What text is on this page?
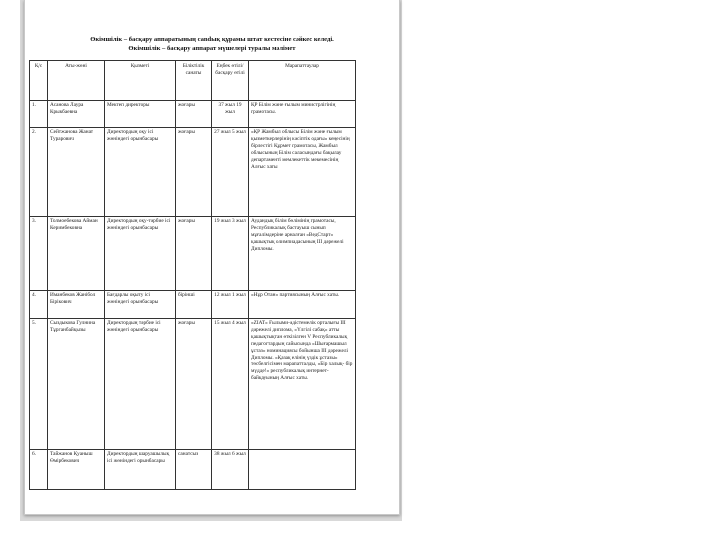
Өкімшілік – басқару аппаратының саndық құрамы штат кестесіне сәйкес келеді.
Өкімшілік – басқару аппарат мүшелері туралы мәлімет
Қ/с	Аты-жөні	Қызметі	Біліктілік санаты	Еңбек өтілі/ басқару өтілі	Марапаттаулар
1.	Асанова Лаура Крыкбаевна	Мектеп директоры	жоғары	37 жыл 19 жыл	ҚР Білім және ғылым министрлігінің грамотасы.
2.	Сейтжанова Жанат Турарович	Директордың оқу ісі жөніндегі орынбасары	жоғары	27 жыл 5 жыл	«ҚР Жамбыл облысы Білім және ғылым қызметкерлерінің кәсіптік одағы» кеңесінің бірлестігі Құрмет грамотасы, Жамбыл облысының Білім саласындағы бақылау департаменті мемлекеттік мекемесінің Алғыс хаты
3.	Толмоебекова Айман Керимбековна	Директордың оқу-тәрбие ісі жөніндегі орынбасары	жоғары	19 жыл 3 жыл	Аудандық білім бөлімінің грамотасы, Республикалық бастауыш сынып мұғалімдеріне арналған «ВедСтарт» қашықтық олимпиадасының III дәрежелі Дипломы.
4.	Иманбеков Жанібол Бірікович	Бағдарлы оқыту ісі жөніндегі орынбасары	бірінші	12 жыл 1 жыл	«Нұр Отан» партиясының Алғыс хаты.
5.	Сыздыкова Гулнина Тұрганбайқызы	Директордың тәрбие ісі жөніндегі орынбасары	жоғары	15 жыл 4 жыл	«ZIAT» Ғылыми-әдістемелік орталығы III дәрежелі диплома, «Үлгілі сабақ» атты қашықтықтан өткізілген V Республикалық педагогтардың сайысында «Шығармашыл ұстаз» номинациясы бойынша III дәрежелі Дипломы. «Қазақ елінің үздік ұстазы» төсбелгісімен марапатталды, «Бір халық- бір мүдде!» республикалық интернет-байқауының Алғыс хаты.
6.	Тайжанов Қуаныш Өмірбекович	Директордың шаруашылық ісі жөніндегі орынбасары	санатсыз	38 жыл 6 жыл	
